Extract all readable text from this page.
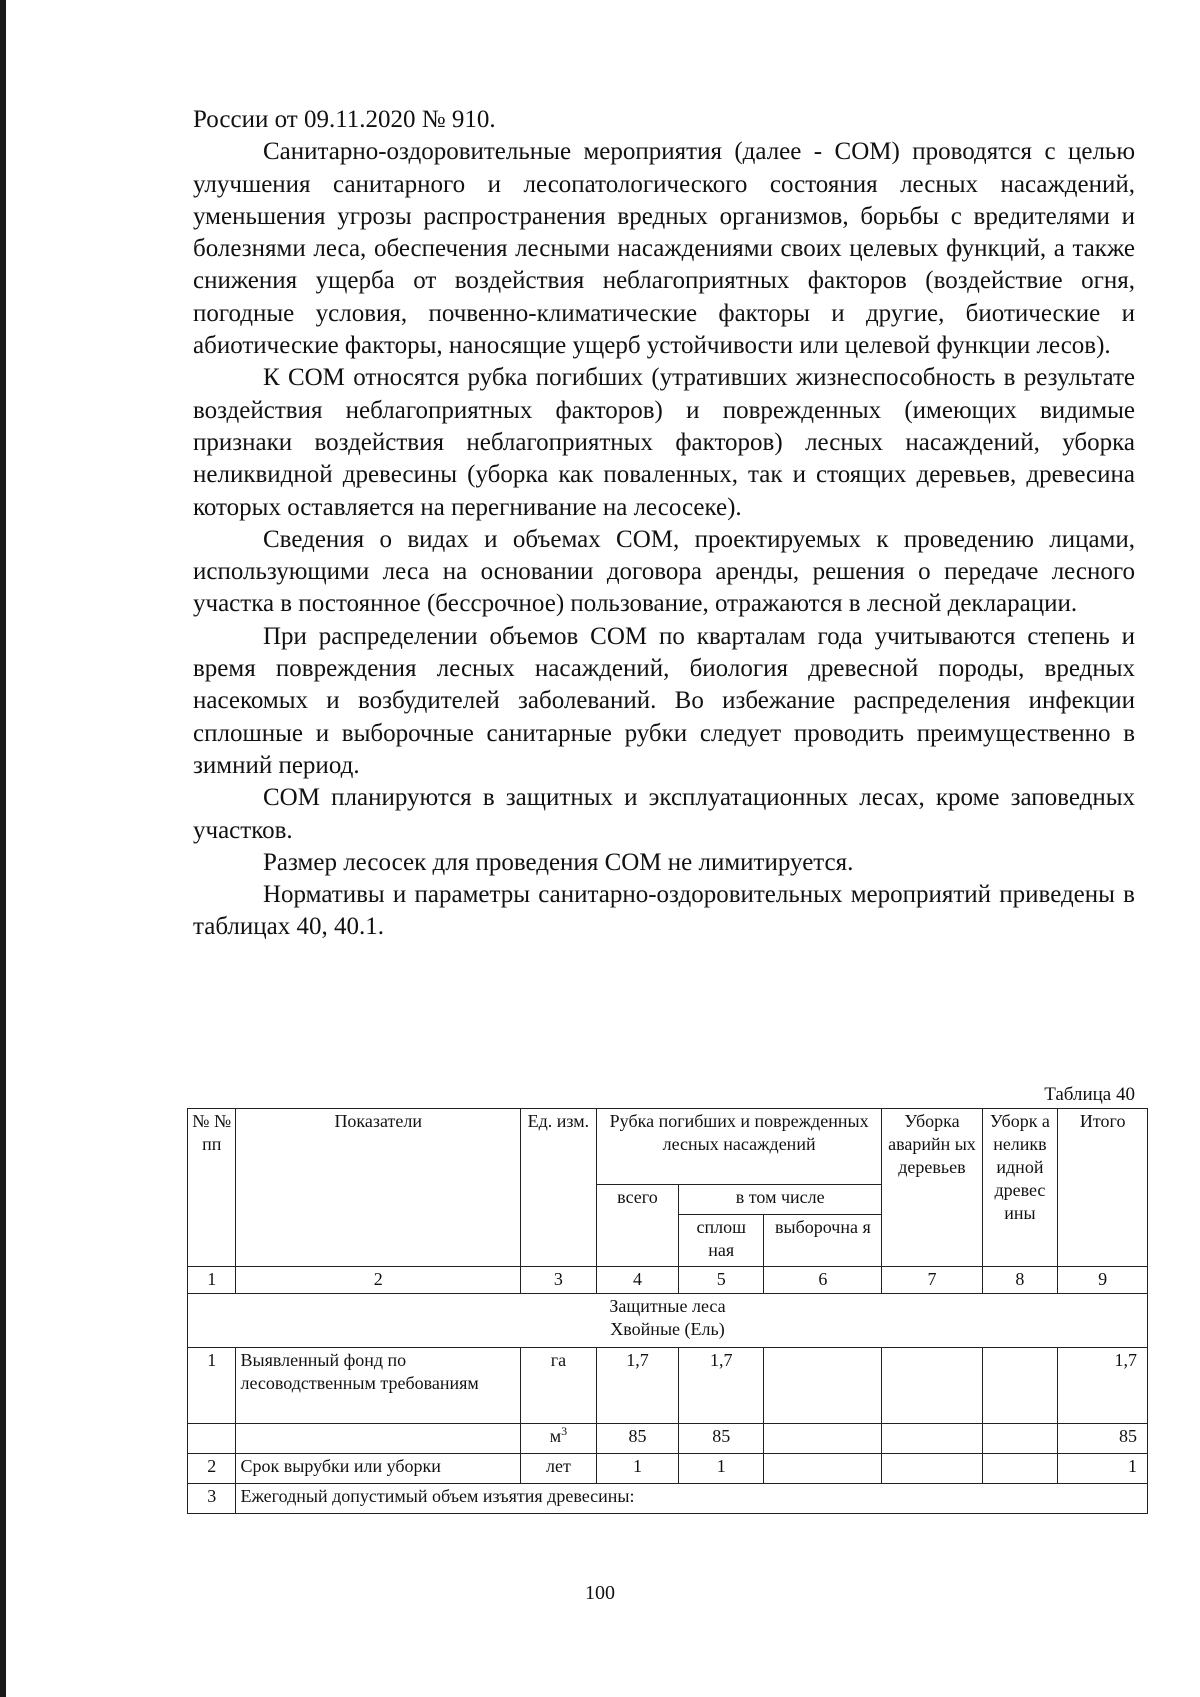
России от 09.11.2020 № 910.

Санитарно-оздоровительные мероприятия (далее - СОМ) проводятся с целью улучшения санитарного и лесопатологического состояния лесных насаждений, уменьшения угрозы распространения вредных организмов, борьбы с вредителями и болезнями леса, обеспечения лесными насаждениями своих целевых функций, а также снижения ущерба от воздействия неблагоприятных факторов (воздействие огня, погодные условия, почвенно-климатические факторы и другие, биотические и абиотические факторы, наносящие ущерб устойчивости или целевой функции лесов).

К СОМ относятся рубка погибших (утративших жизнеспособность в результате воздействия неблагоприятных факторов) и поврежденных (имеющих видимые признаки воздействия неблагоприятных факторов) лесных насаждений, уборка неликвидной древесины (уборка как поваленных, так и стоящих деревьев, древесина которых оставляется на перегнивание на лесосеке).

Сведения о видах и объемах СОМ, проектируемых к проведению лицами, использующими леса на основании договора аренды, решения о передаче лесного участка в постоянное (бессрочное) пользование, отражаются в лесной декларации.

При распределении объемов СОМ по кварталам года учитываются степень и время повреждения лесных насаждений, биология древесной породы, вредных насекомых и возбудителей заболеваний. Во избежание распределения инфекции сплошные и выборочные санитарные рубки следует проводить преимущественно в зимний период.

СОМ планируются в защитных и эксплуатационных лесах, кроме заповедных участков.

Размер лесосек для проведения СОМ не лимитируется.

Нормативы и параметры санитарно-оздоровительных мероприятий приведены в таблицах 40, 40.1.

Таблица 40
№ № пп	Показатели	Ед. изм.	Рубка погибших и поврежденных лесных насаждений			Уборка аварийн ых деревьев	Уборк а неликв идной древес ины	Итого
			всего	в том числе				
				сплош ная	выборочна я			
1	2	3	4	5	6	7	8	9

Защитные леса
Хвойные (Ель)								

1	Выявленный фонд по лесоводственным требованиям	га	1,7	1,7				1,7
		$м^3$	85	85				85
2	Срок вырубки или уборки	лет	1	1				1
3	Ежегодный допустимый объем изъятия древесины:							
100
